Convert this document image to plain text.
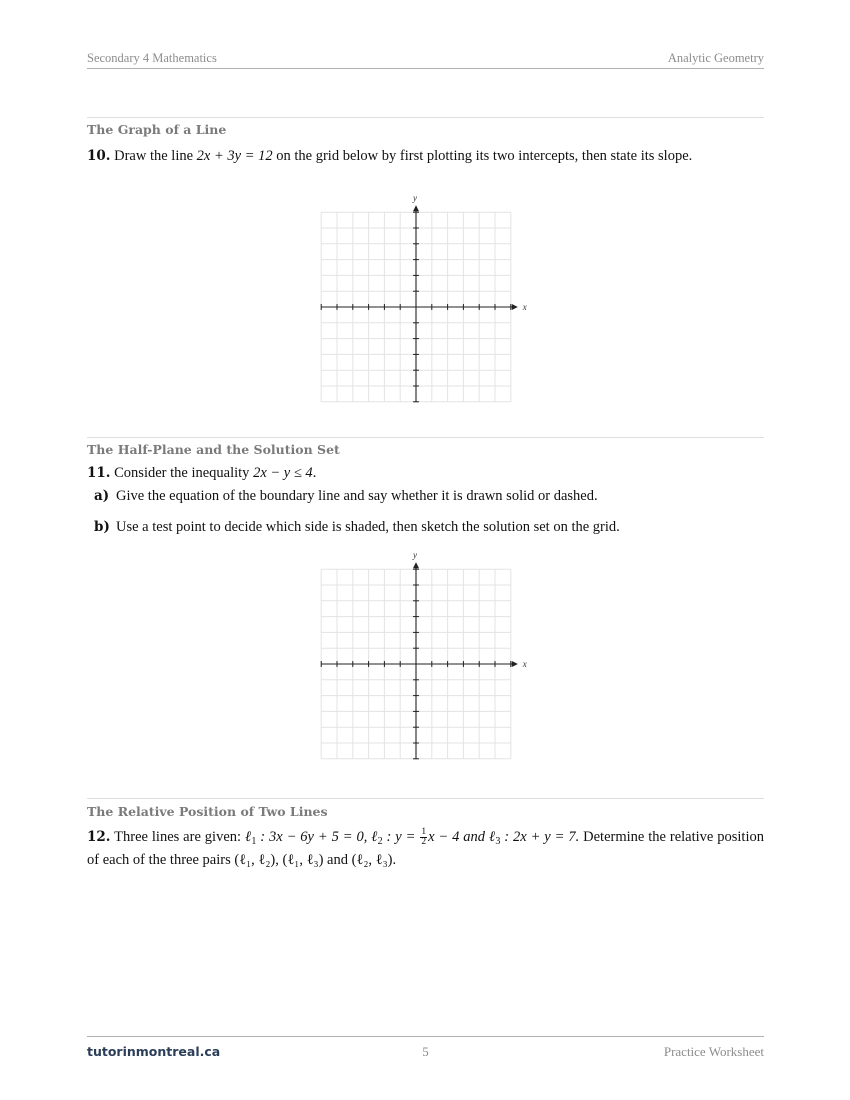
Secondary 4 Mathematics	Analytic Geometry
The Graph of a Line
10. Draw the line 2x + 3y = 12 on the grid below by first plotting its two intercepts, then state its slope.
x
y
The Half-Plane and the Solution Set
11. Consider the inequality 2x − y ≤ 4.
a) Give the equation of the boundary line and say whether it is drawn solid or dashed.
b) Use a test point to decide which side is shaded, then sketch the solution set on the grid.
x
y
The Relative Position of Two Lines
12. Three lines are given: ℓ$_1$ : 3x − 6y + 5 = 0, ℓ$_2$ : $y = \frac{1}{2}$ x − 4 and ℓ$_3$ : 2x + y = 7. Determine the relative position of each of the three pairs (ℓ₁, ℓ₂), (ℓ₁, ℓ₃) and (ℓ₂, ℓ₃).
tutorinmontreal.ca	5	Practice Worksheet
